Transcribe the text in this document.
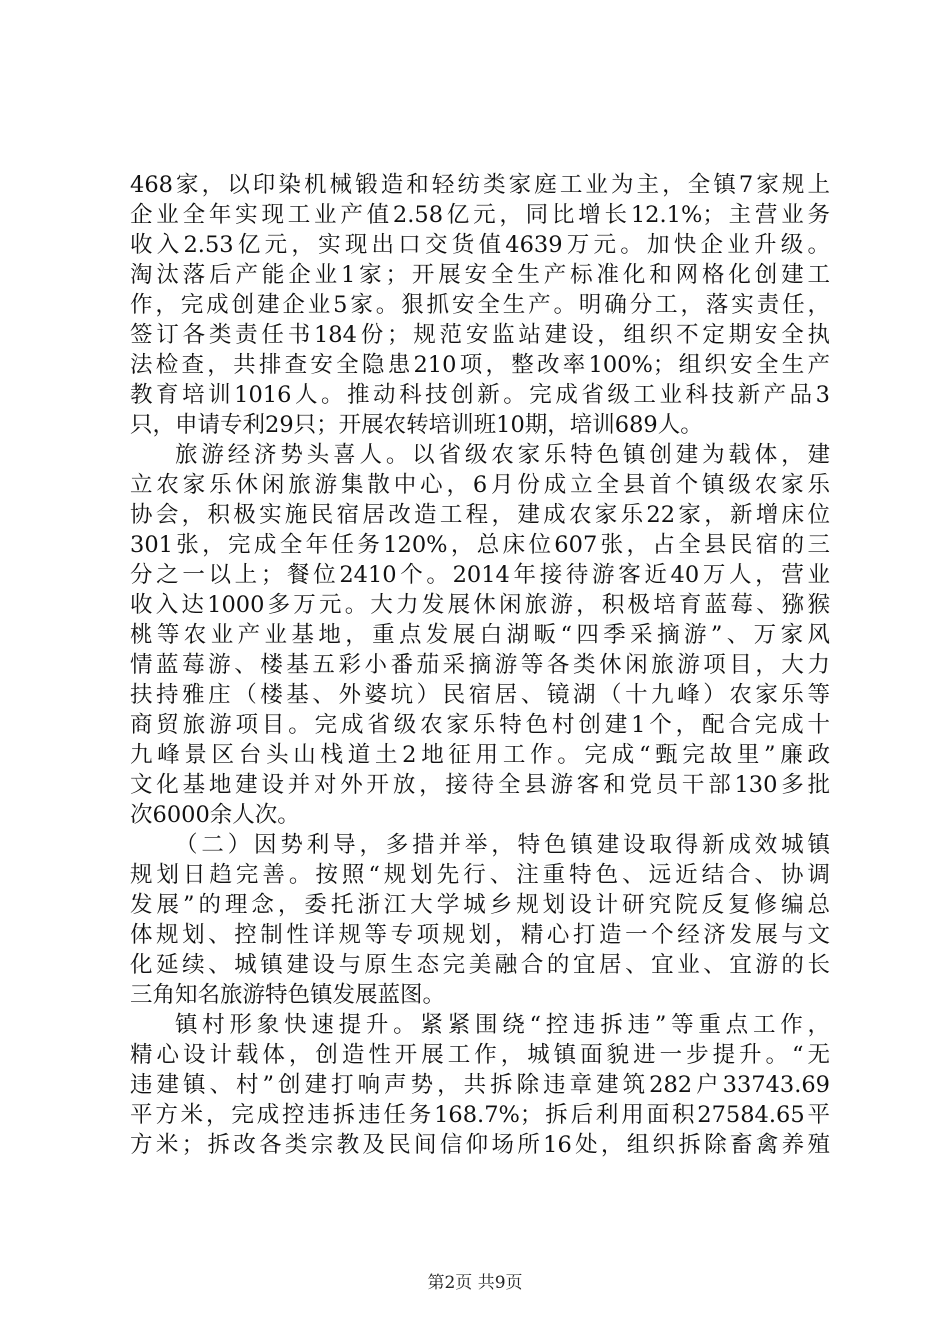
468家，以印染机械锻造和轻纺类家庭工业为主，全镇7家规上
企业全年实现工业产值2.58亿元，同比增长12.1%；主营业务
收入2.53亿元，实现出口交货值4639万元。加快企业升级。
淘汰落后产能企业1家；开展安全生产标准化和网格化创建工
作，完成创建企业5家。狠抓安全生产。明确分工，落实责任，
签订各类责任书184份；规范安监站建设，组织不定期安全执
法检查，共排查安全隐患210项，整改率100%；组织安全生产
教育培训1016人。推动科技创新。完成省级工业科技新产品3
只，申请专利29只；开展农转培训班10期，培训689人。
旅游经济势头喜人。以省级农家乐特色镇创建为载体，建
立农家乐休闲旅游集散中心，6月份成立全县首个镇级农家乐
协会，积极实施民宿居改造工程，建成农家乐22家，新增床位
301张，完成全年任务120%，总床位607张，占全县民宿的三
分之一以上；餐位2410个。2014年接待游客近40万人，营业
收入达1000多万元。大力发展休闲旅游，积极培育蓝莓、猕猴
桃等农业产业基地，重点发展白湖畈“四季采摘游”、万家风
情蓝莓游、楼基五彩小番茄采摘游等各类休闲旅游项目，大力
扶持雅庄（楼基、外婆坑）民宿居、镜湖（十九峰）农家乐等
商贸旅游项目。完成省级农家乐特色村创建1个，配合完成十
九峰景区台头山栈道土2地征用工作。完成“甄完故里”廉政
文化基地建设并对外开放，接待全县游客和党员干部130多批
次6000余人次。
（二）因势利导，多措并举，特色镇建设取得新成效城镇
规划日趋完善。按照“规划先行、注重特色、远近结合、协调
发展”的理念，委托浙江大学城乡规划设计研究院反复修编总
体规划、控制性详规等专项规划，精心打造一个经济发展与文
化延续、城镇建设与原生态完美融合的宜居、宜业、宜游的长
三角知名旅游特色镇发展蓝图。
镇村形象快速提升。紧紧围绕“控违拆违”等重点工作，
精心设计载体，创造性开展工作，城镇面貌进一步提升。“无
违建镇、村”创建打响声势，共拆除违章建筑282户33743.69
平方米，完成控违拆违任务168.7%；拆后利用面积27584.65平
方米；拆改各类宗教及民间信仰场所16处，组织拆除畜禽养殖
第2页 共9页
